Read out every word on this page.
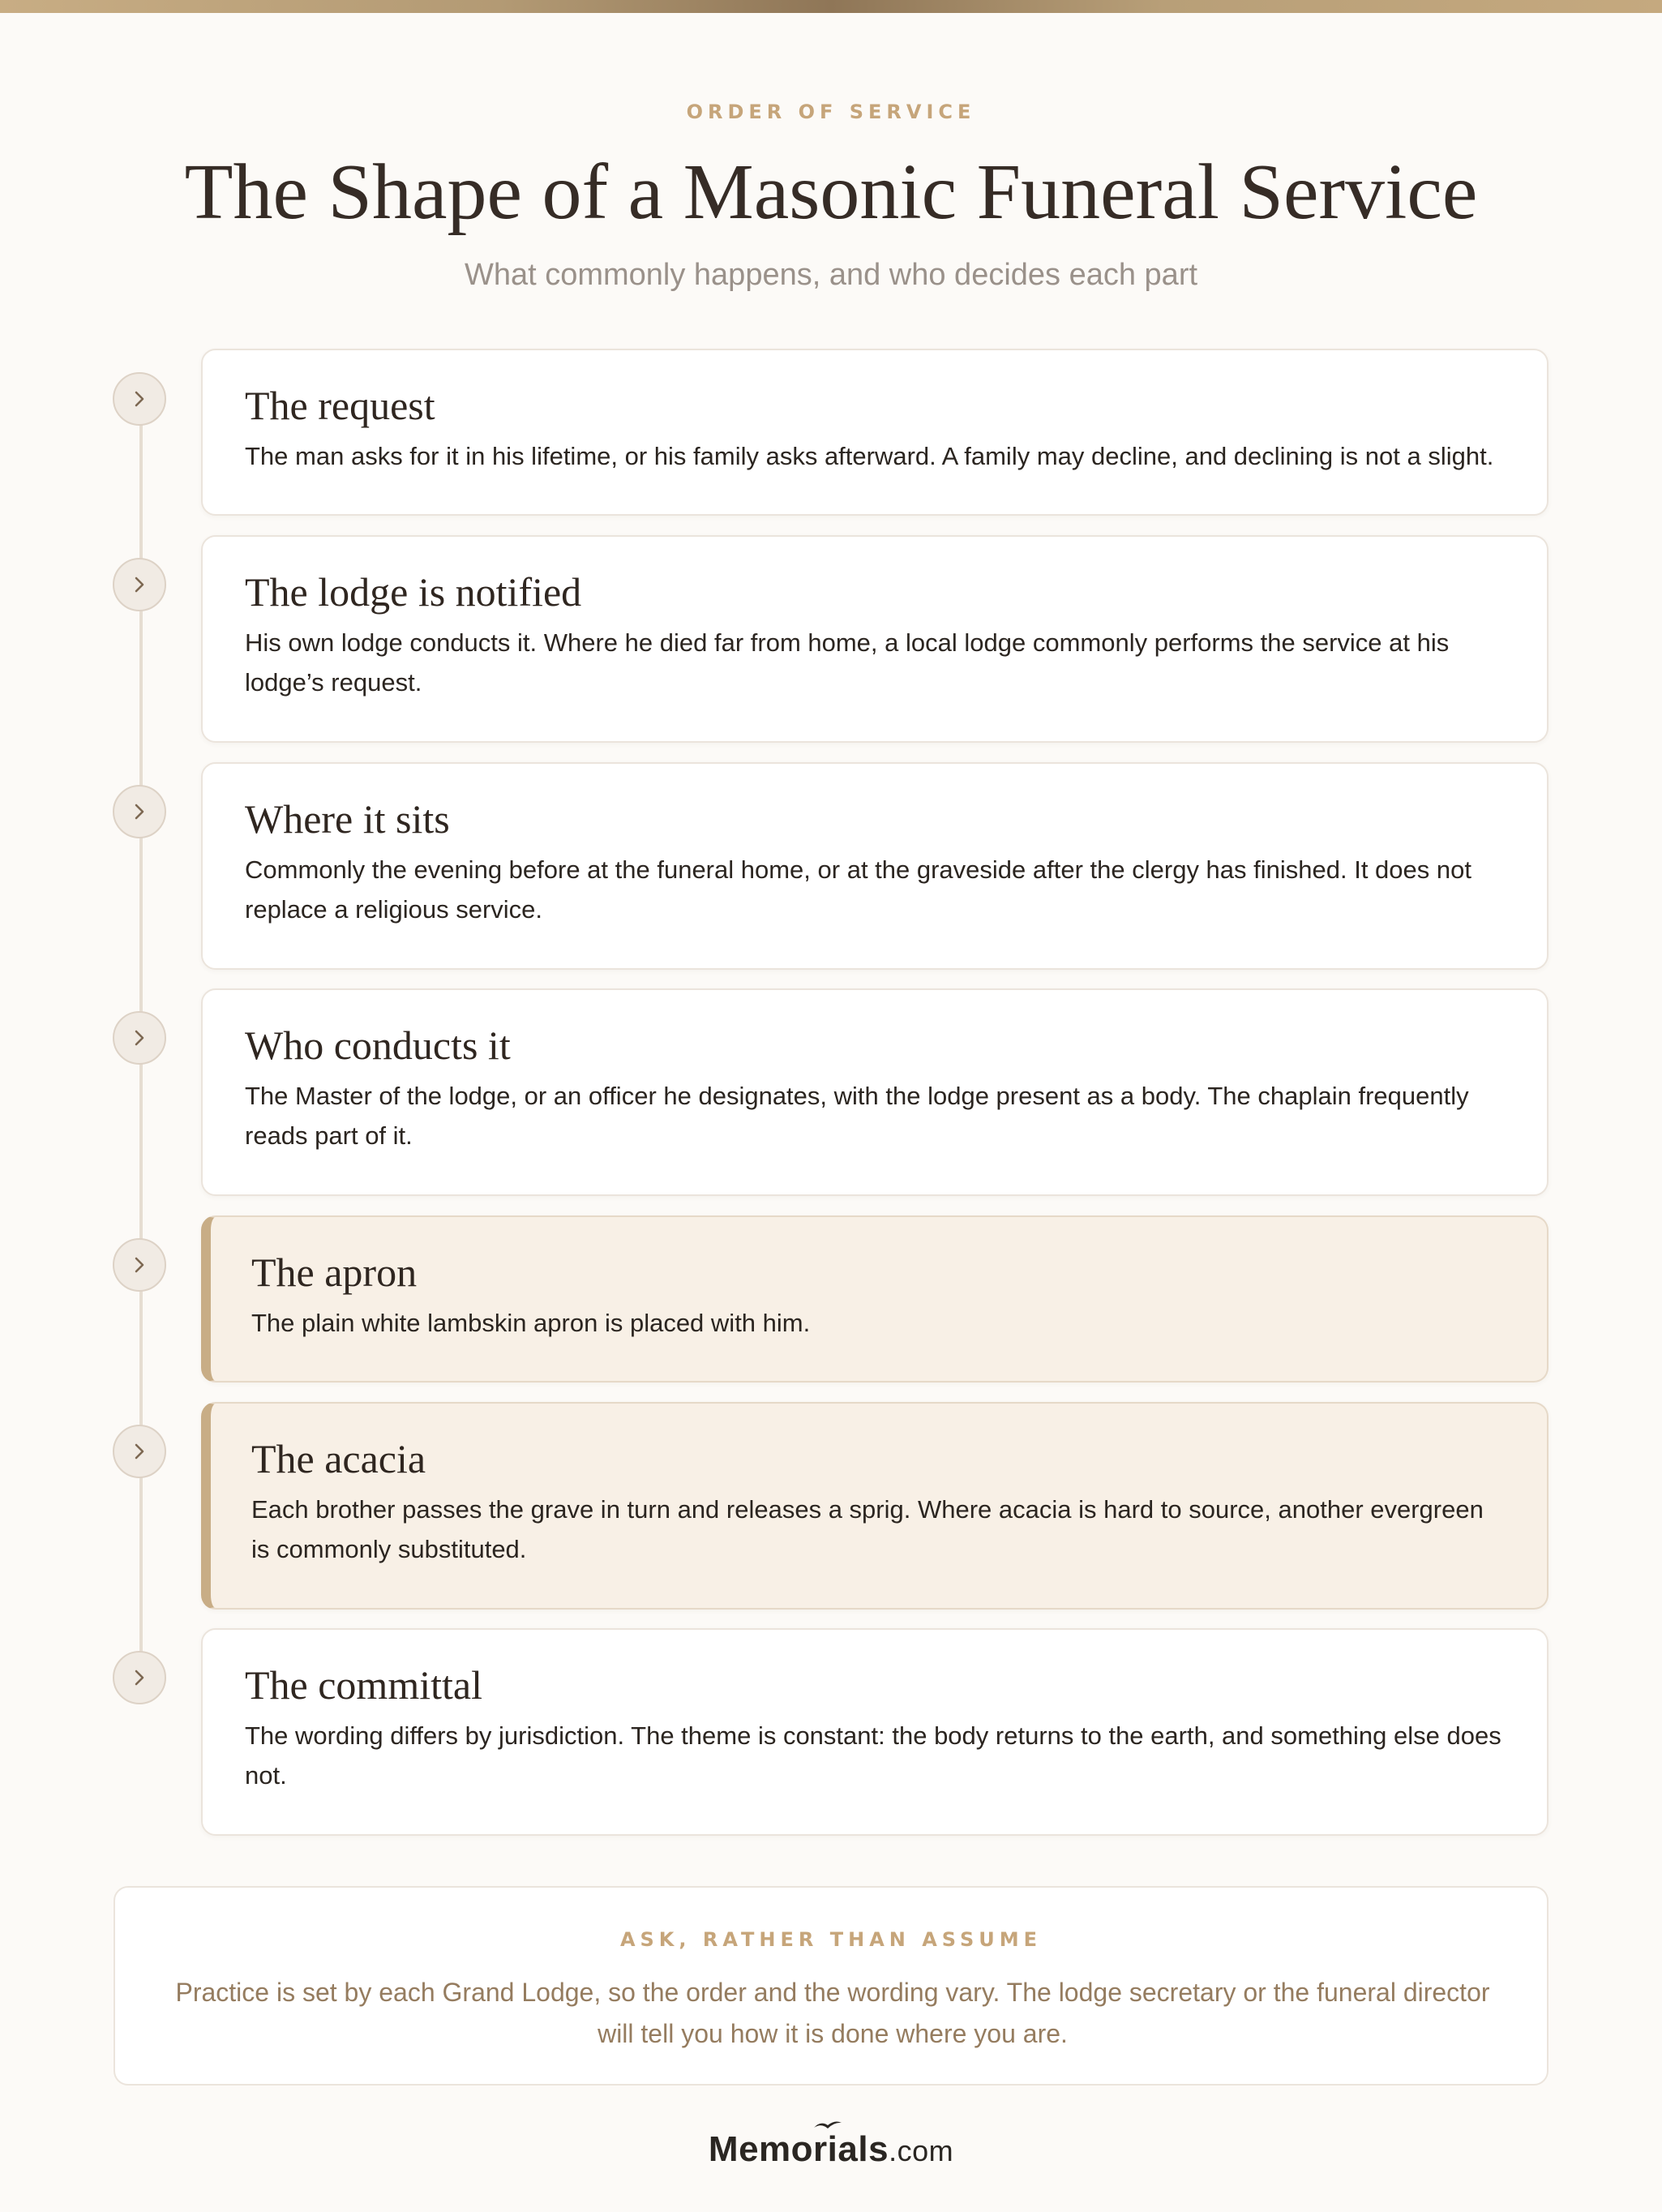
ORDER OF SERVICE
The Shape of a Masonic Funeral Service
What commonly happens, and who decides each part
The request

The man asks for it in his lifetime, or his family asks afterward. A family may decline, and declining is not a slight.

The lodge is notified

His own lodge conducts it. Where he died far from home, a local lodge commonly performs the service at his lodge’s request.

Where it sits

Commonly the evening before at the funeral home, or at the graveside after the clergy has finished. It does not replace a religious service.

Who conducts it

The Master of the lodge, or an officer he designates, with the lodge present as a body. The chaplain frequently reads part of it.

The apron

The plain white lambskin apron is placed with him.

The acacia

Each brother passes the grave in turn and releases a sprig. Where acacia is hard to source, another evergreen is commonly substituted.

The committal

The wording differs by jurisdiction. The theme is constant: the body returns to the earth, and something else does not.

ASK, RATHER THAN ASSUME
Practice is set by each Grand Lodge, so the order and the wording vary. The lodge secretary or the funeral director will tell you how it is done where you are.
Memorials.com
